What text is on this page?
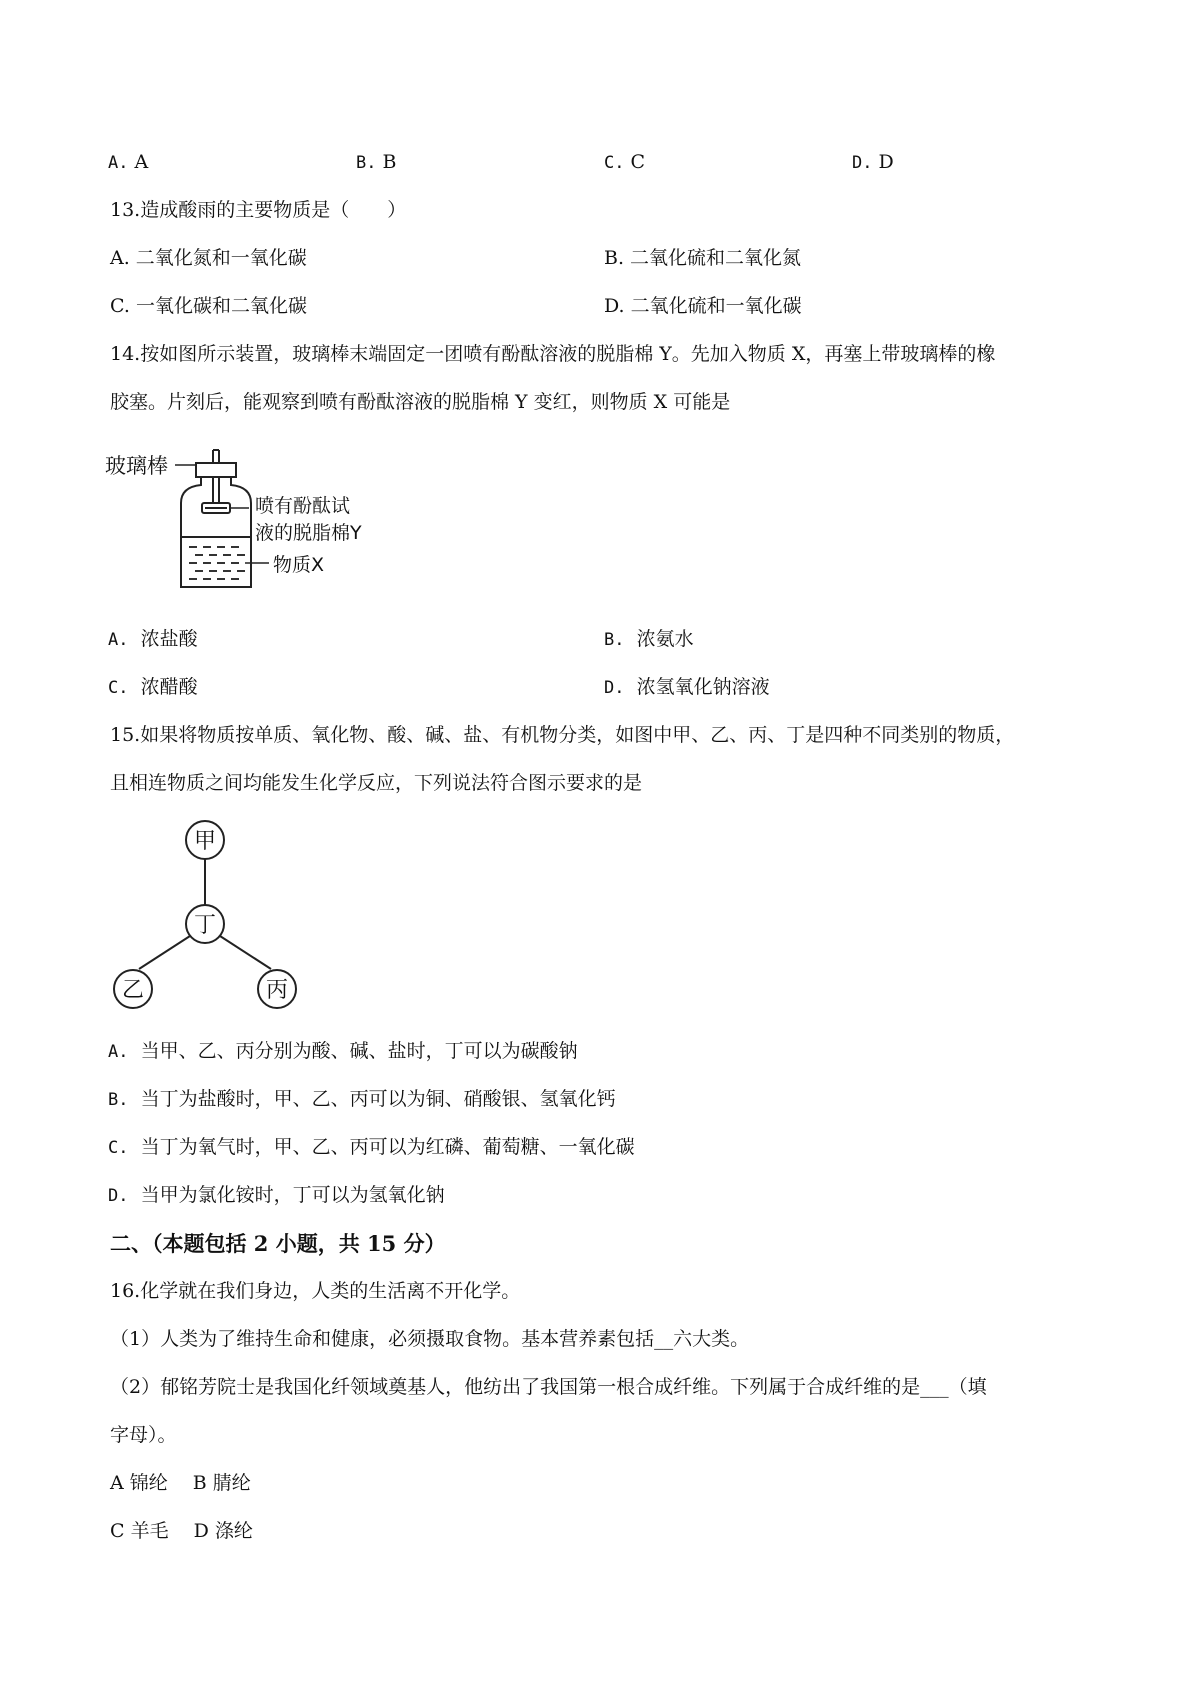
A. A	B. B	C. C	D. D
13.造成酸雨的主要物质是（　　）
A. 二氧化氮和一氧化碳	B. 二氧化硫和二氧化氮
C. 一氧化碳和二氧化碳	D. 二氧化硫和一氧化碳
14.按如图所示装置，玻璃棒末端固定一团喷有酚酞溶液的脱脂棉 Y。先加入物质 X，再塞上带玻璃棒的橡
胶塞。片刻后，能观察到喷有酚酞溶液的脱脂棉 Y 变红，则物质 X 可能是
玻璃棒
喷有酚酞试
液的脱脂棉Y
物质X
A. 浓盐酸	B. 浓氨水
C. 浓醋酸	D. 浓氢氧化钠溶液
15.如果将物质按单质、氧化物、酸、碱、盐、有机物分类，如图中甲、乙、丙、丁是四种不同类别的物质，
且相连物质之间均能发生化学反应，下列说法符合图示要求的是
甲
丁
乙	丙
A. 当甲、乙、丙分别为酸、碱、盐时，丁可以为碳酸钠
B. 当丁为盐酸时，甲、乙、丙可以为铜、硝酸银、氢氧化钙
C. 当丁为氧气时，甲、乙、丙可以为红磷、葡萄糖、一氧化碳
D. 当甲为氯化铵时，丁可以为氢氧化钠
二、（本题包括 2 小题，共 15 分）
16.化学就在我们身边，人类的生活离不开化学。
（1）人类为了维持生命和健康，必须摄取食物。基本营养素包括__六大类。
（2）郁铭芳院士是我国化纤领域奠基人，他纺出了我国第一根合成纤维。下列属于合成纤维的是___（填
字母）。
A 锦纶　 B 腈纶
C 羊毛　 D 涤纶
